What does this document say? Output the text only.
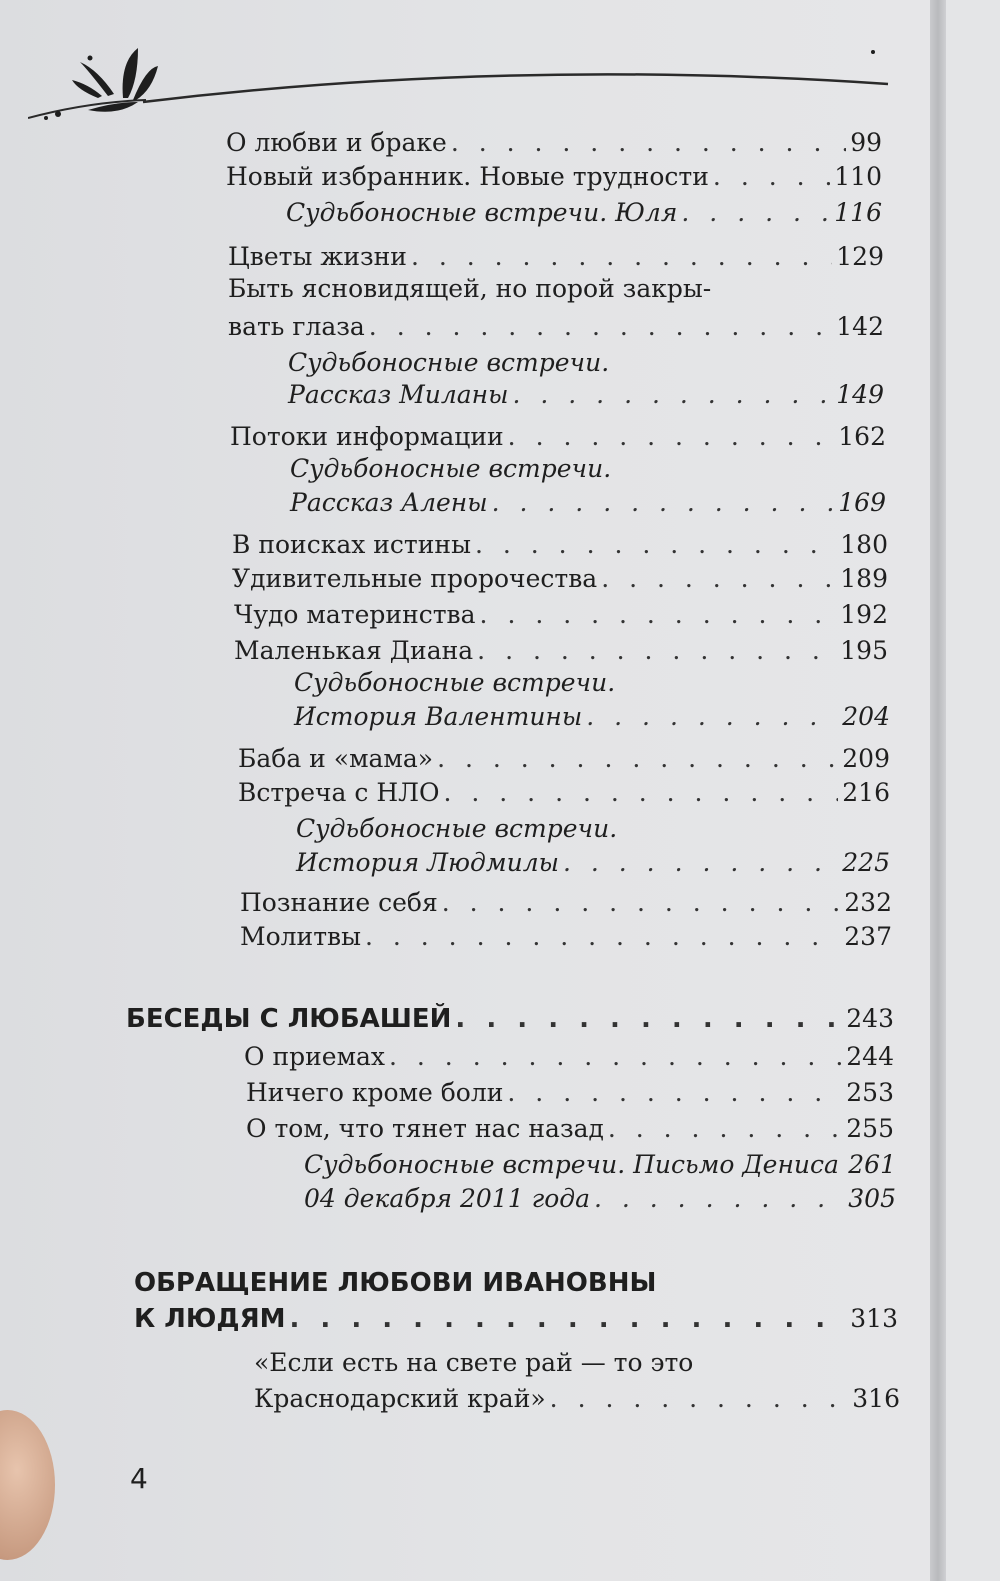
О любви и браке . . .	99
Новый избранник. Новые трудности . . .	110
Судьбоносные встречи. Юля . . .	116
Цветы жизни . . .	129
Быть ясновидящей, но порой закры-
вать глаза . . .	142
Судьбоносные встречи.
Рассказ Миланы . . .	149
Потоки информации . . .	162
Судьбоносные встречи.
Рассказ Алены . . .	169
В поисках истины . . .	180
Удивительные пророчества . . .	189
Чудо материнства . . .	192
Маленькая Диана . . .	195
Судьбоносные встречи.
История Валентины . . .	204
Баба и «мама» . . .	209
Встреча с НЛО . . .	216
Судьбоносные встречи.
История Людмилы . . .	225
Познание себя . . .	232
Молитвы . . .	237
БЕСЕДЫ С ЛЮБАШЕЙ . . .	243
О приемах . . .	244
Ничего кроме боли . . .	253
О том, что тянет нас назад . . .	255
Судьбоносные встречи. Письмо Дениса . . . 261
04 декабря 2011 года . . .	305
ОБРАЩЕНИЕ ЛЮБОВИ ИВАНОВНЫ
К ЛЮДЯМ . . .	313
«Если есть на свете рай — то это
Краснодарский край» . . .	316
4
